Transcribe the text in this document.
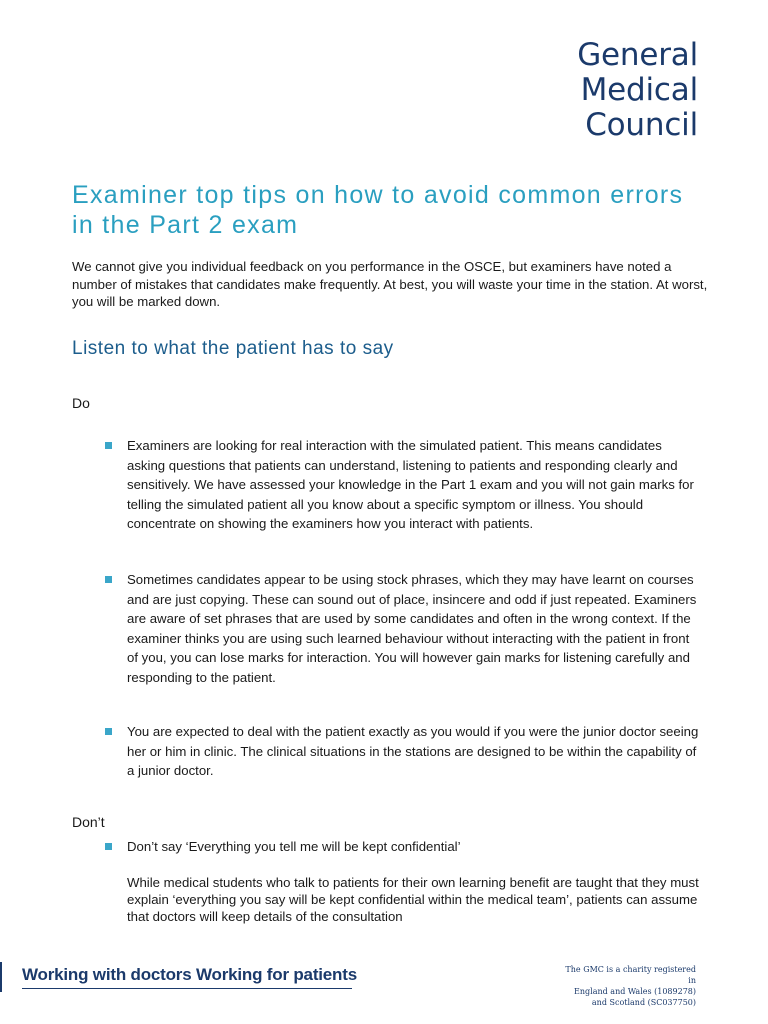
General
Medical
Council
Examiner top tips on how to avoid common errors in the Part 2 exam

We cannot give you individual feedback on you performance in the OSCE, but examiners have noted a number of mistakes that candidates make frequently. At best, you will waste your time in the station. At worst, you will be marked down.

Listen to what the patient has to say

Do

Examiners are looking for real interaction with the simulated patient. This means candidates asking questions that patients can understand, listening to patients and responding clearly and sensitively. We have assessed your knowledge in the Part 1 exam and you will not gain marks for telling the simulated patient all you know about a specific symptom or illness. You should concentrate on showing the examiners how you interact with patients.

Sometimes candidates appear to be using stock phrases, which they may have learnt on courses and are just copying. These can sound out of place, insincere and odd if just repeated. Examiners are aware of set phrases that are used by some candidates and often in the wrong context. If the examiner thinks you are using such learned behaviour without interacting with the patient in front of you, you can lose marks for interaction. You will however gain marks for listening carefully and responding to the patient.

You are expected to deal with the patient exactly as you would if you were the junior doctor seeing her or him in clinic. The clinical situations in the stations are designed to be within the capability of a junior doctor.

Don’t

Don’t say ‘Everything you tell me will be kept confidential’

While medical students who talk to patients for their own learning benefit are taught that they must explain ‘everything you say will be kept confidential within the medical team’, patients can assume that doctors will keep details of the consultation

Working with doctors Working for patients	The GMC is a charity registered in
England and Wales (1089278)
and Scotland (SC037750)
